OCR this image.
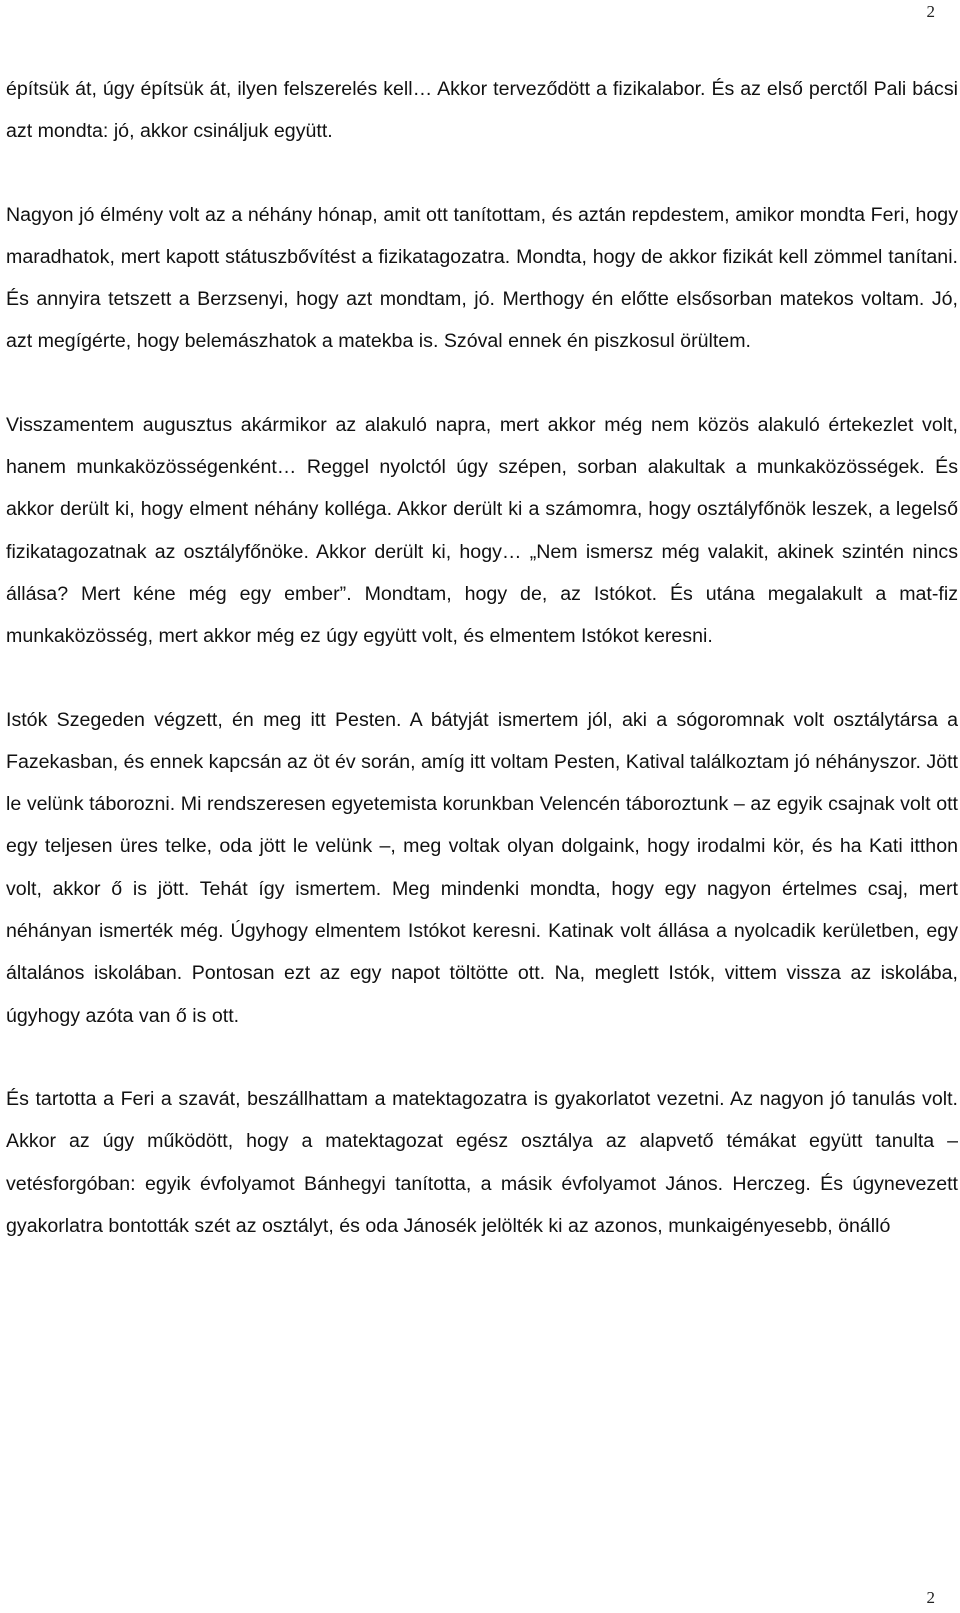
2

építsük át, úgy építsük át, ilyen felszerelés kell… Akkor terveződött a fizikalabor. És az első perctől Pali bácsi azt mondta: jó, akkor csináljuk együtt.

Nagyon jó élmény volt az a néhány hónap, amit ott tanítottam, és aztán repdestem, amikor mondta Feri, hogy maradhatok, mert kapott státuszbővítést a fizikatagozatra. Mondta, hogy de akkor fizikát kell zömmel tanítani. És annyira tetszett a Berzsenyi, hogy azt mondtam, jó. Merthogy én előtte elsősorban matekos voltam. Jó, azt megígérte, hogy belemászhatok a matekba is. Szóval ennek én piszkosul örültem.

Visszamentem augusztus akármikor az alakuló napra, mert akkor még nem közös alakuló értekezlet volt, hanem munkaközösségenként… Reggel nyolctól úgy szépen, sorban alakultak a munkaközösségek. És akkor derült ki, hogy elment néhány kolléga. Akkor derült ki a számomra, hogy osztályfőnök leszek, a legelső fizikatagozatnak az osztályfőnöke. Akkor derült ki, hogy… „Nem ismersz még valakit, akinek szintén nincs állása? Mert kéne még egy ember”. Mondtam, hogy de, az Istókot. És utána megalakult a mat-fiz munkaközösség, mert akkor még ez úgy együtt volt, és elmentem Istókot keresni.

Istók Szegeden végzett, én meg itt Pesten. A bátyját ismertem jól, aki a sógoromnak volt osztálytársa a Fazekasban, és ennek kapcsán az öt év során, amíg itt voltam Pesten, Katival találkoztam jó néhányszor. Jött le velünk táborozni. Mi rendszeresen egyetemista korunkban Velencén táboroztunk – az egyik csajnak volt ott egy teljesen üres telke, oda jött le velünk –, meg voltak olyan dolgaink, hogy irodalmi kör, és ha Kati itthon volt, akkor ő is jött. Tehát így ismertem. Meg mindenki mondta, hogy egy nagyon értelmes csaj, mert néhányan ismerték még. Úgyhogy elmentem Istókot keresni. Katinak volt állása a nyolcadik kerületben, egy általános iskolában. Pontosan ezt az egy napot töltötte ott. Na, meglett Istók, vittem vissza az iskolába, úgyhogy azóta van ő is ott.

És tartotta a Feri a szavát, beszállhattam a matektagozatra is gyakorlatot vezetni. Az nagyon jó tanulás volt. Akkor az úgy működött, hogy a matektagozat egész osztálya az alapvető témákat együtt tanulta – vetésforgóban: egyik évfolyamot Bánhegyi tanította, a másik évfolyamot János. Herczeg. És úgynevezett gyakorlatra bontották szét az osztályt, és oda Jánosék jelölték ki az azonos, munkaigényesebb, önálló

2
